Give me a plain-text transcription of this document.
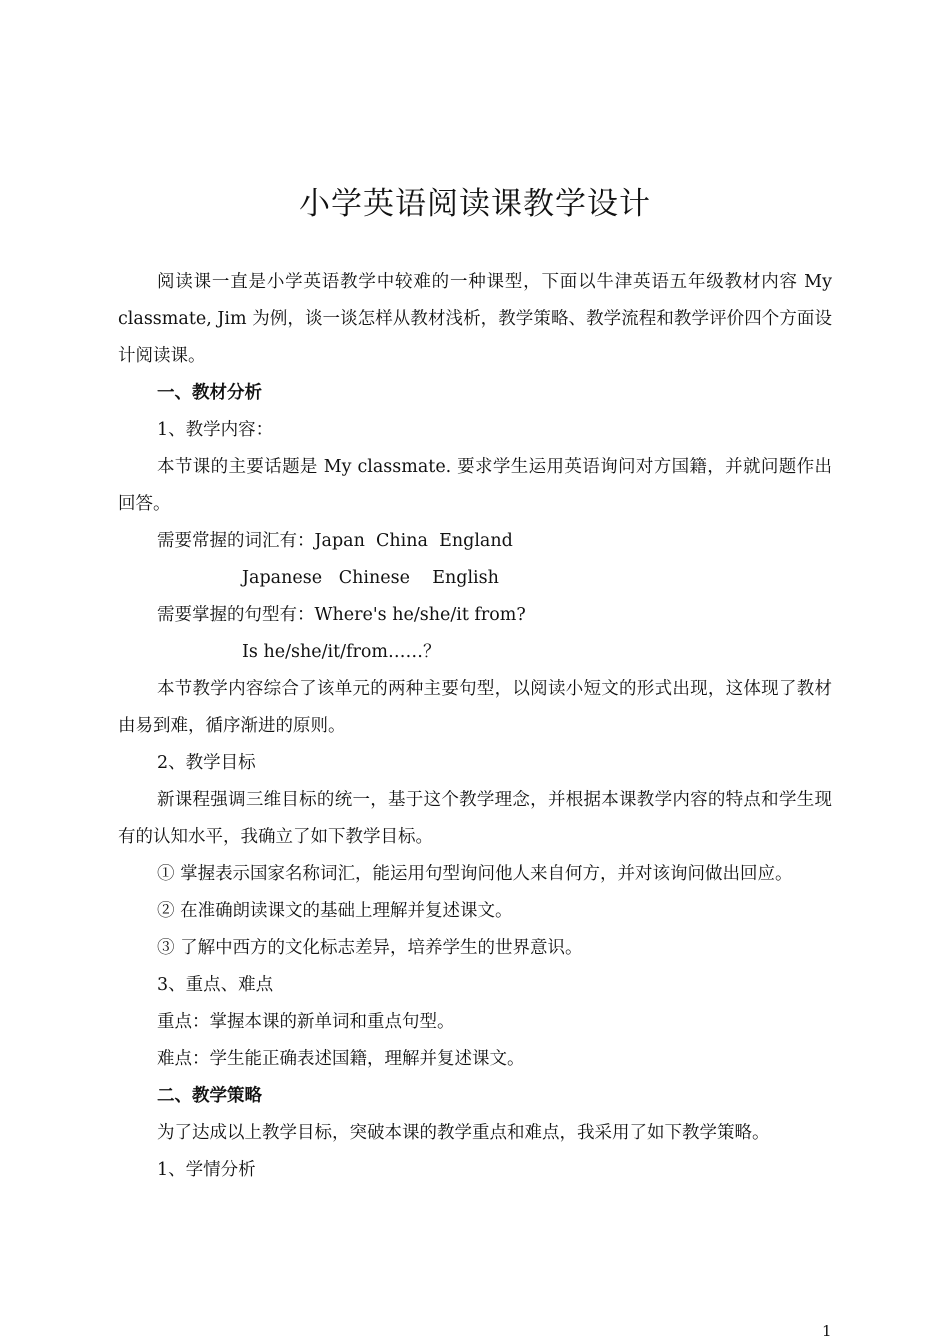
小学英语阅读课教学设计

阅读课一直是小学英语教学中较难的一种课型，下面以牛津英语五年级教材内容 My classmate, Jim 为例，谈一谈怎样从教材浅析，教学策略、教学流程和教学评价四个方面设计阅读课。

一、教材分析

1、教学内容：

本节课的主要话题是 My classmate. 要求学生运用英语询问对方国籍，并就问题作出回答。

需要常握的词汇有：Japan  China  England

Japanese   Chinese    English

需要掌握的句型有：Where's he/she/it from?

Is he/she/it/from……？

本节教学内容综合了该单元的两种主要句型，以阅读小短文的形式出现，这体现了教材由易到难，循序渐进的原则。

2、教学目标

新课程强调三维目标的统一，基于这个教学理念，并根据本课教学内容的特点和学生现有的认知水平，我确立了如下教学目标。

① 掌握表示国家名称词汇，能运用句型询问他人来自何方，并对该询问做出回应。

② 在准确朗读课文的基础上理解并复述课文。

③ 了解中西方的文化标志差异，培养学生的世界意识。

3、重点、难点

重点：掌握本课的新单词和重点句型。

难点：学生能正确表述国籍，理解并复述课文。

二、教学策略

为了达成以上教学目标，突破本课的教学重点和难点，我采用了如下教学策略。

1、学情分析

1
